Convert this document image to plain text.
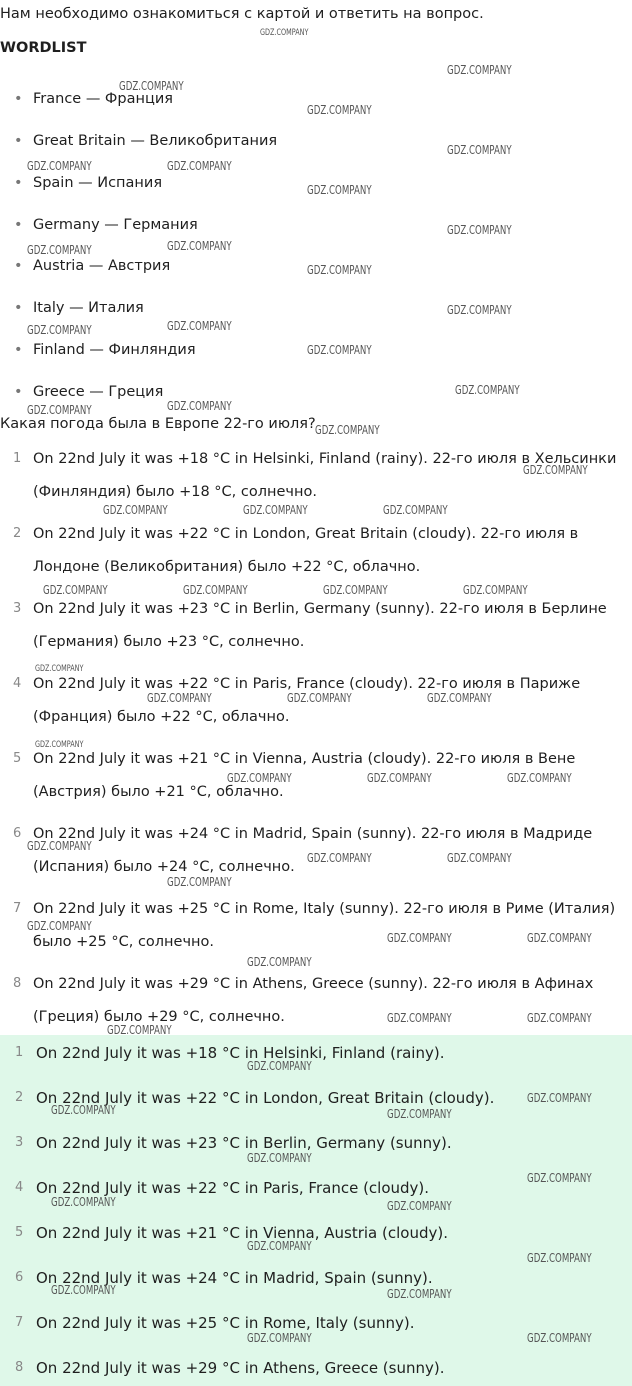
Нам необходимо ознакомиться с картой и ответить на вопрос.
WORDLIST
• France — Франция
• Great Britain — Великобритания
• Spain — Испания
• Germany — Германия
• Austria — Австрия
• Italy — Италия
• Finland — Финляндия
• Greece — Греция
Какая погода была в Европе 22-го июля?
1 On 22nd July it was +18 °C in Helsinki, Finland (rainy). 22-го июля в Хельсинки
(Финляндия) было +18 °C, солнечно.
2 On 22nd July it was +22 °C in London, Great Britain (cloudy). 22-го июля в
Лондоне (Великобритания) было +22 °C, облачно.
3 On 22nd July it was +23 °C in Berlin, Germany (sunny). 22-го июля в Берлине
(Германия) было +23 °C, солнечно.
4 On 22nd July it was +22 °C in Paris, France (cloudy). 22-го июля в Париже
(Франция) было +22 °C, облачно.
5 On 22nd July it was +21 °C in Vienna, Austria (cloudy). 22-го июля в Вене
(Австрия) было +21 °C, облачно.
6 On 22nd July it was +24 °C in Madrid, Spain (sunny). 22-го июля в Мадриде
(Испания) было +24 °C, солнечно.
7 On 22nd July it was +25 °C in Rome, Italy (sunny). 22-го июля в Риме (Италия)
было +25 °C, солнечно.
8 On 22nd July it was +29 °C in Athens, Greece (sunny). 22-го июля в Афинах
(Греция) было +29 °C, солнечно.
1 On 22nd July it was +18 °C in Helsinki, Finland (rainy).
2 On 22nd July it was +22 °C in London, Great Britain (cloudy).
3 On 22nd July it was +23 °C in Berlin, Germany (sunny).
4 On 22nd July it was +22 °C in Paris, France (cloudy).
5 On 22nd July it was +21 °C in Vienna, Austria (cloudy).
6 On 22nd July it was +24 °C in Madrid, Spain (sunny).
7 On 22nd July it was +25 °C in Rome, Italy (sunny).
8 On 22nd July it was +29 °C in Athens, Greece (sunny).
GDZ.COMPANY
GDZ.COMPANY
GDZ.COMPANY
GDZ.COMPANY
GDZ.COMPANY
GDZ.COMPANY	GDZ.COMPANY
GDZ.COMPANY
GDZ.COMPANY
GDZ.COMPANY
GDZ.COMPANY
GDZ.COMPANY
GDZ.COMPANY
GDZ.COMPANY
GDZ.COMPANY
GDZ.COMPANY
GDZ.COMPANY
GDZ.COMPANY
GDZ.COMPANY
GDZ.COMPANY
GDZ.COMPANY
GDZ.COMPANY	GDZ.COMPANY	GDZ.COMPANY
GDZ.COMPANY	GDZ.COMPANY	GDZ.COMPANY	GDZ.COMPANY
GDZ.COMPANY
GDZ.COMPANY	GDZ.COMPANY	GDZ.COMPANY
GDZ.COMPANY
GDZ.COMPANY	GDZ.COMPANY	GDZ.COMPANY
GDZ.COMPANY
GDZ.COMPANY	GDZ.COMPANY
GDZ.COMPANY
GDZ.COMPANY
GDZ.COMPANY	GDZ.COMPANY
GDZ.COMPANY
GDZ.COMPANY	GDZ.COMPANY
GDZ.COMPANY
GDZ.COMPANY
GDZ.COMPANY
GDZ.COMPANY	GDZ.COMPANY
GDZ.COMPANY
GDZ.COMPANY
GDZ.COMPANY	GDZ.COMPANY
GDZ.COMPANY
GDZ.COMPANY
GDZ.COMPANY	GDZ.COMPANY
GDZ.COMPANY	GDZ.COMPANY
